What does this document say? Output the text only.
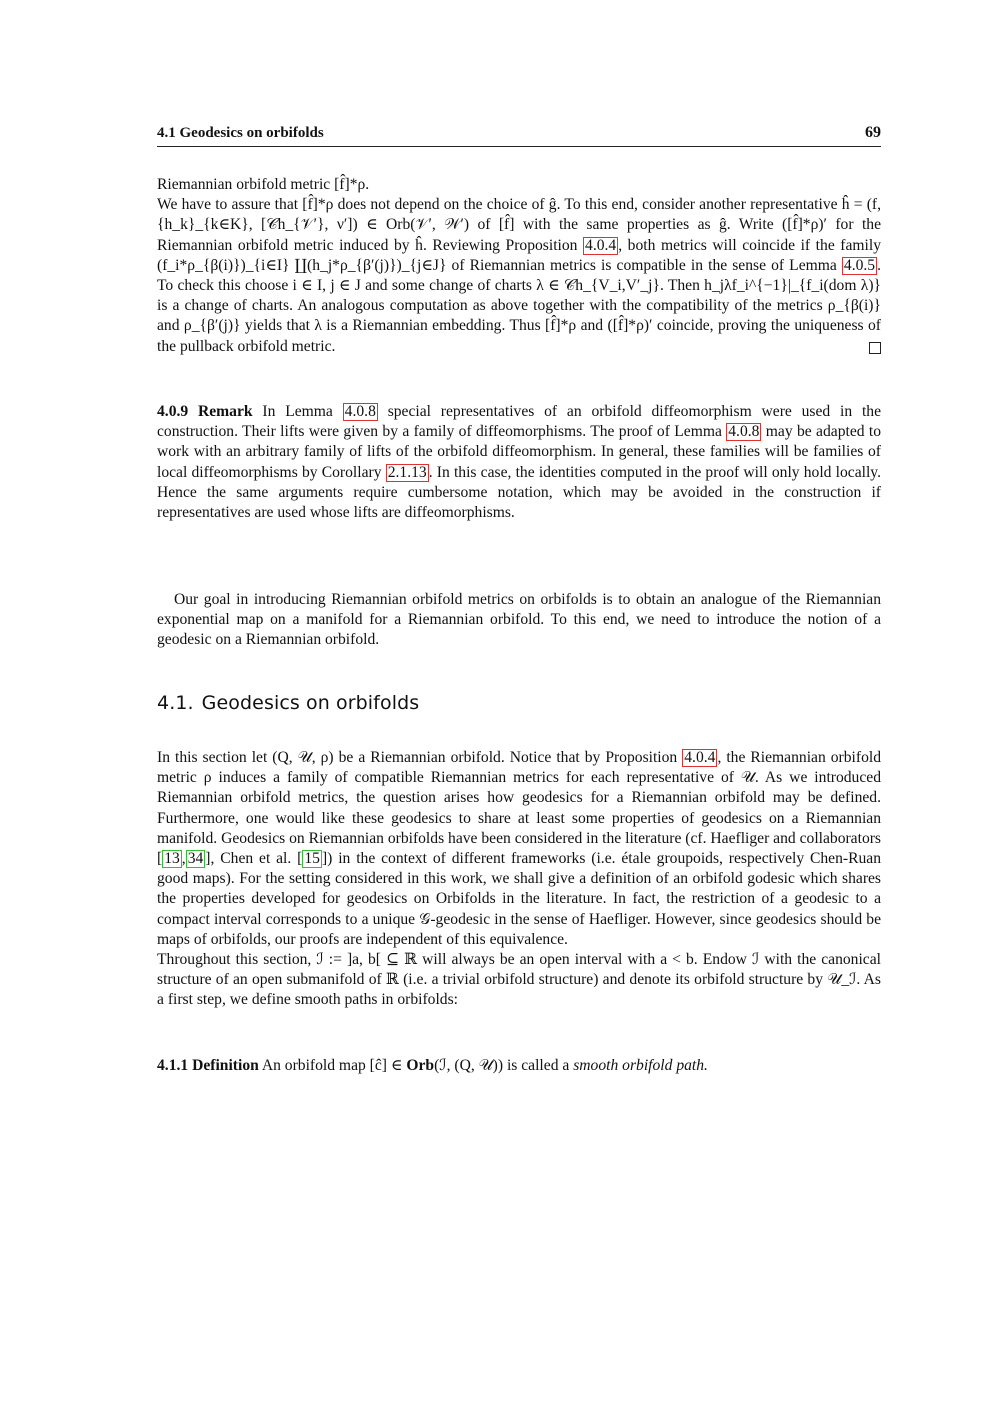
4.1 Geodesics on orbifolds	69

Riemannian orbifold metric [f̂]*ρ.

We have to assure that [f̂]*ρ does not depend on the choice of ĝ. To this end, consider another representative ĥ = (f, {h_k}_{k∈K}, [𝒞h_{𝒱′}, ν′]) ∈ Orb(𝒱′, 𝒲′) of [f̂] with the same properties as ĝ. Write ([f̂]*ρ)′ for the Riemannian orbifold metric induced by ĥ. Reviewing Proposition 4.0.4 , both metrics will coincide if the family (f_i*ρ_{β(i)})_{i∈I} ∐(h_j*ρ_{β′(j)})_{j∈J} of Riemannian metrics is compatible in the sense of Lemma 4.0.5 . To check this choose i ∈ I, j ∈ J and some change of charts λ ∈ 𝒞h_{V_i,V′_j}. Then h_jλf_i^{−1}|_{f_i(dom λ)} is a change of charts. An analogous computation as above together with the compatibility of the metrics ρ_{β(i)} and ρ_{β′(j)} yields that λ is a Riemannian embedding. Thus [f̂]*ρ and ([f̂]*ρ)′ coincide, proving the uniqueness of the pullback orbifold metric.

4.0.9 Remark In Lemma 4.0.8 special representatives of an orbifold diffeomorphism were used in the construction. Their lifts were given by a family of diffeomorphisms. The proof of Lemma 4.0.8 may be adapted to work with an arbitrary family of lifts of the orbifold diffeomorphism. In general, these families will be families of local diffeomorphisms by Corollary 2.1.13 . In this case, the identities computed in the proof will only hold locally. Hence the same arguments require cumbersome notation, which may be avoided in the construction if representatives are used whose lifts are diffeomorphisms.

Our goal in introducing Riemannian orbifold metrics on orbifolds is to obtain an analogue of the Riemannian exponential map on a manifold for a Riemannian orbifold. To this end, we need to introduce the notion of a geodesic on a Riemannian orbifold.

4.1. Geodesics on orbifolds

In this section let (Q, 𝒰, ρ) be a Riemannian orbifold. Notice that by Proposition 4.0.4 , the Riemannian orbifold metric ρ induces a family of compatible Riemannian metrics for each representative of 𝒰. As we introduced Riemannian orbifold metrics, the question arises how geodesics for a Riemannian orbifold may be defined. Furthermore, one would like these geodesics to share at least some properties of geodesics on a Riemannian manifold. Geodesics on Riemannian orbifolds have been considered in the literature (cf. Haefliger and collaborators [ 13 , 34 ], Chen et al. [ 15 ]) in the context of different frameworks (i.e. étale groupoids, respectively Chen-Ruan good maps). For the setting considered in this work, we shall give a definition of an orbifold godesic which shares the properties developed for geodesics on Orbifolds in the literature. In fact, the restriction of a geodesic to a compact interval corresponds to a unique 𝒢-geodesic in the sense of Haefliger. However, since geodesics should be maps of orbifolds, our proofs are independent of this equivalence.

Throughout this section, ℐ := ]a, b[ ⊆ ℝ will always be an open interval with a < b. Endow ℐ with the canonical structure of an open submanifold of ℝ (i.e. a trivial orbifold structure) and denote its orbifold structure by 𝒰_ℐ. As a first step, we define smooth paths in orbifolds:

4.1.1 Definition An orbifold map [ĉ] ∈ Orb(ℐ, (Q, 𝒰)) is called a smooth orbifold path.
